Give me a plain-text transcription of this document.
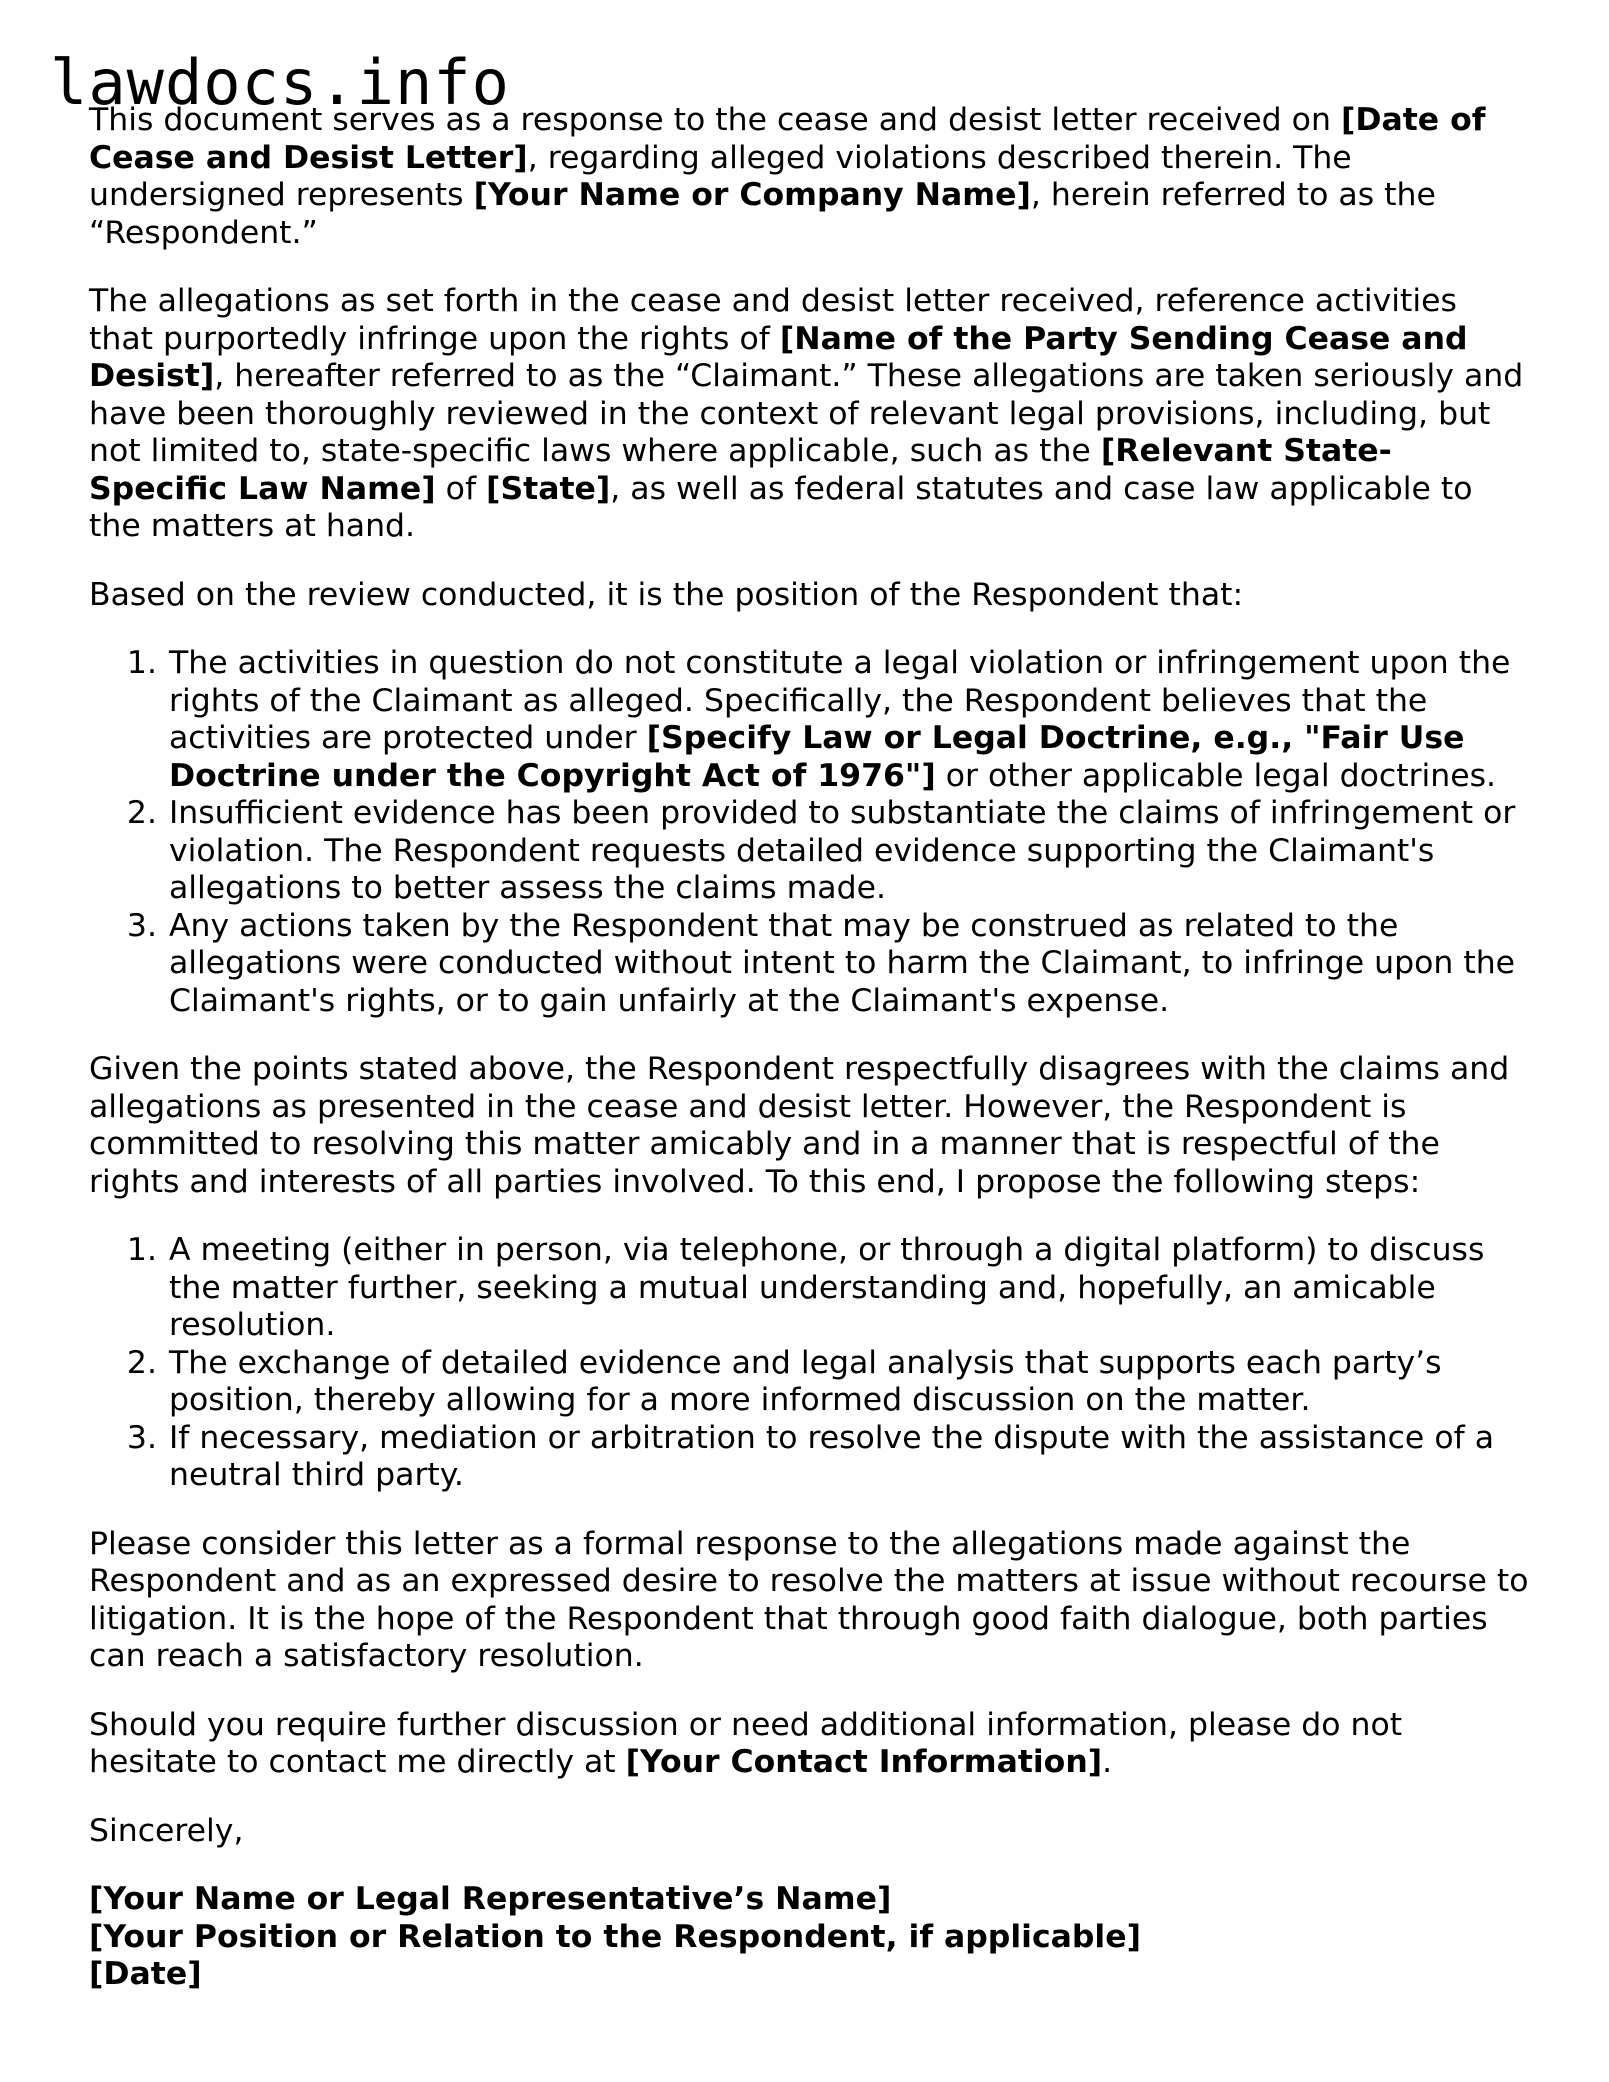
lawdocs.info

This document serves as a response to the cease and desist letter received on [Date of Cease and Desist Letter], regarding alleged violations described therein. The undersigned represents [Your Name or Company Name], herein referred to as the “Respondent.”

The allegations as set forth in the cease and desist letter received, reference activities that purportedly infringe upon the rights of [Name of the Party Sending Cease and Desist], hereafter referred to as the “Claimant.” These allegations are taken seriously and have been thoroughly reviewed in the context of relevant legal provisions, including, but not limited to, state-specific laws where applicable, such as the [Relevant State-Specific Law Name] of [State], as well as federal statutes and case law applicable to the matters at hand.

Based on the review conducted, it is the position of the Respondent that:

1. The activities in question do not constitute a legal violation or infringement upon the rights of the Claimant as alleged. Specifically, the Respondent believes that the activities are protected under [Specify Law or Legal Doctrine, e.g., "Fair Use Doctrine under the Copyright Act of 1976"] or other applicable legal doctrines.
2. Insufficient evidence has been provided to substantiate the claims of infringement or violation. The Respondent requests detailed evidence supporting the Claimant's allegations to better assess the claims made.
3. Any actions taken by the Respondent that may be construed as related to the allegations were conducted without intent to harm the Claimant, to infringe upon the Claimant's rights, or to gain unfairly at the Claimant's expense.

Given the points stated above, the Respondent respectfully disagrees with the claims and allegations as presented in the cease and desist letter. However, the Respondent is committed to resolving this matter amicably and in a manner that is respectful of the rights and interests of all parties involved. To this end, I propose the following steps:

1. A meeting (either in person, via telephone, or through a digital platform) to discuss the matter further, seeking a mutual understanding and, hopefully, an amicable resolution.
2. The exchange of detailed evidence and legal analysis that supports each party’s position, thereby allowing for a more informed discussion on the matter.
3. If necessary, mediation or arbitration to resolve the dispute with the assistance of a neutral third party.

Please consider this letter as a formal response to the allegations made against the Respondent and as an expressed desire to resolve the matters at issue without recourse to litigation. It is the hope of the Respondent that through good faith dialogue, both parties can reach a satisfactory resolution.

Should you require further discussion or need additional information, please do not hesitate to contact me directly at [Your Contact Information].

Sincerely,

[Your Name or Legal Representative’s Name]
[Your Position or Relation to the Respondent, if applicable]
[Date]
